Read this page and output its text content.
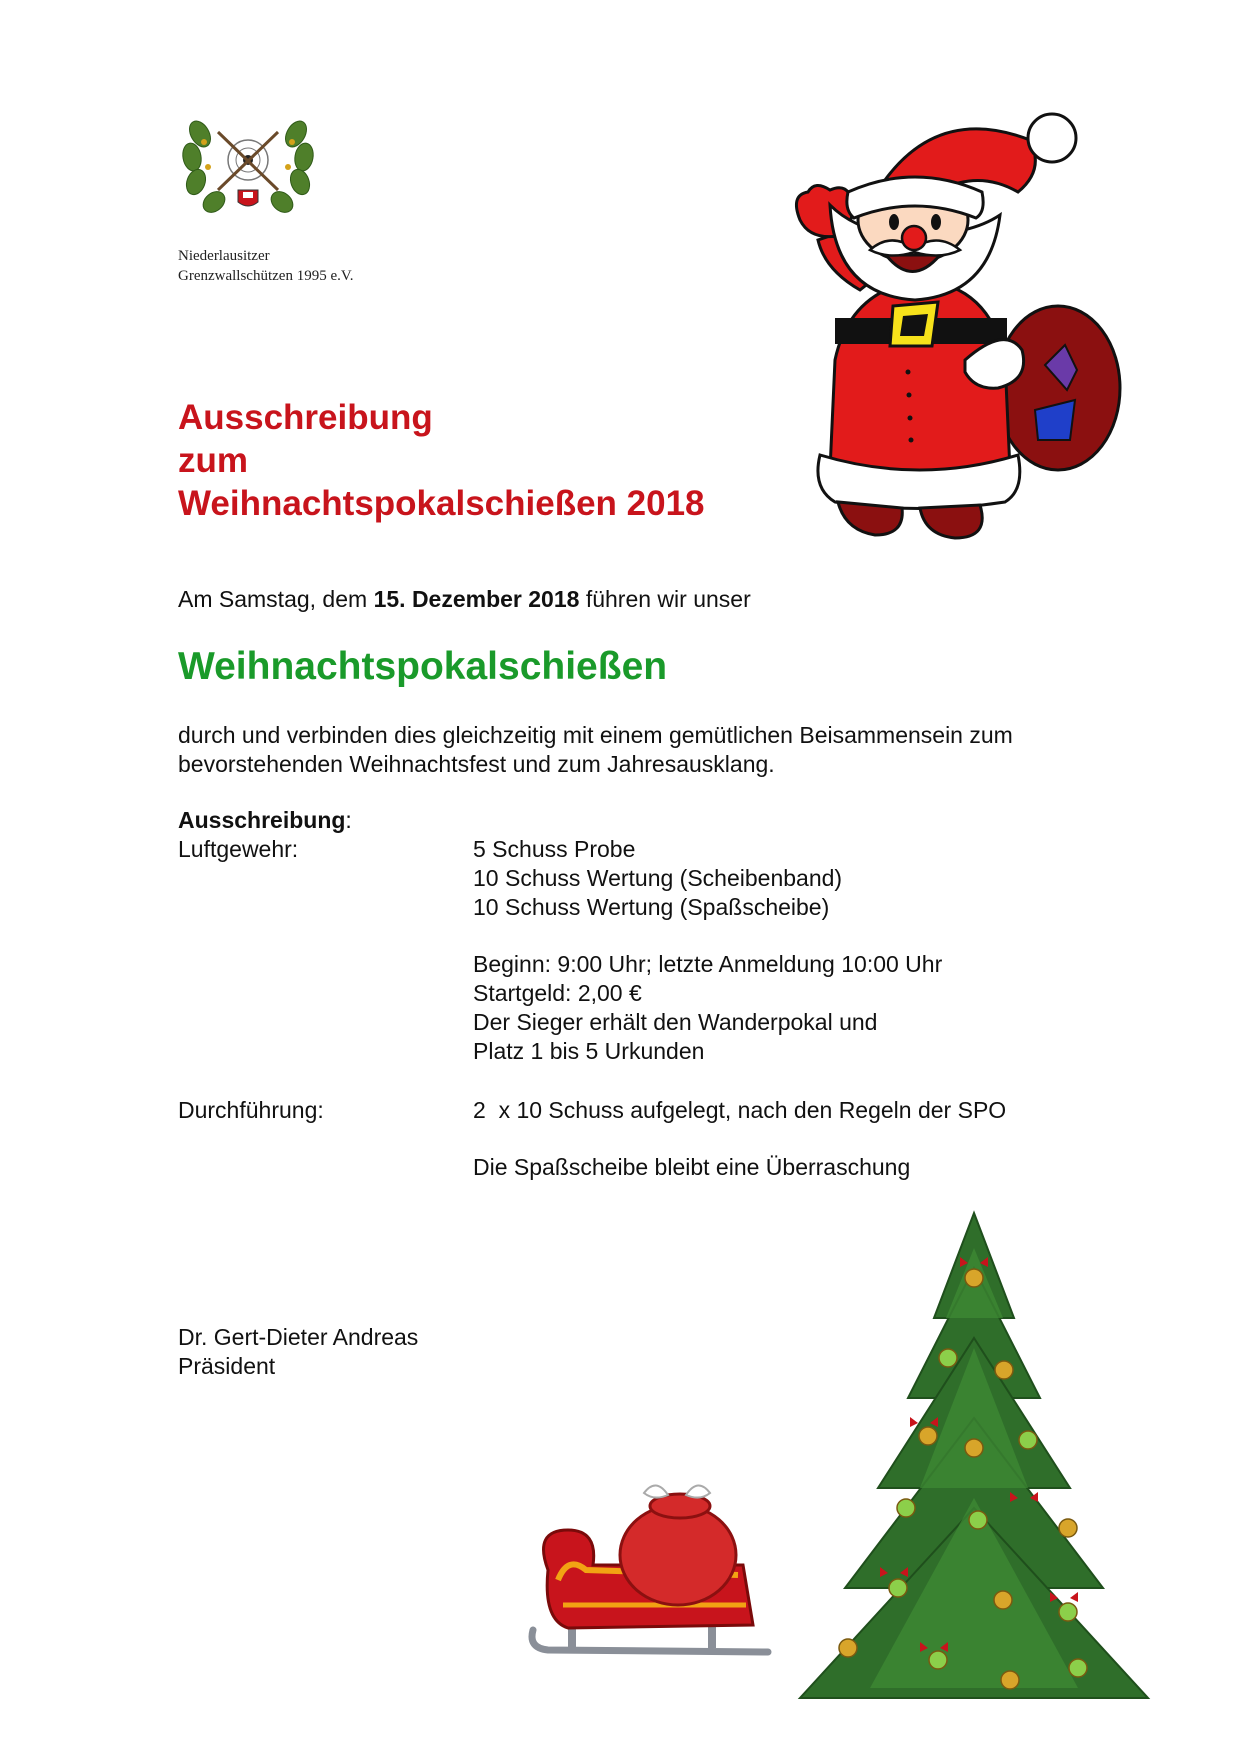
Niederlausitzer
Grenzwallschützen 1995 e.V.
Ausschreibung
zum
Weihnachtspokalschießen 2018
Am Samstag, dem 15. Dezember 2018 führen wir unser
Weihnachtspokalschießen
durch und verbinden dies gleichzeitig mit einem gemütlichen Beisammensein zum
bevorstehenden Weihnachtsfest und zum Jahresausklang.
Ausschreibung:
Luftgewehr:	5 Schuss Probe
10 Schuss Wertung (Scheibenband)
10 Schuss Wertung (Spaßscheibe)
Beginn: 9:00 Uhr; letzte Anmeldung 10:00 Uhr
Startgeld: 2,00 €
Der Sieger erhält den Wanderpokal und
Platz 1 bis 5 Urkunden
Durchführung:	2  x 10 Schuss aufgelegt, nach den Regeln der SPO
Die Spaßscheibe bleibt eine Überraschung
Dr. Gert-Dieter Andreas
Präsident
